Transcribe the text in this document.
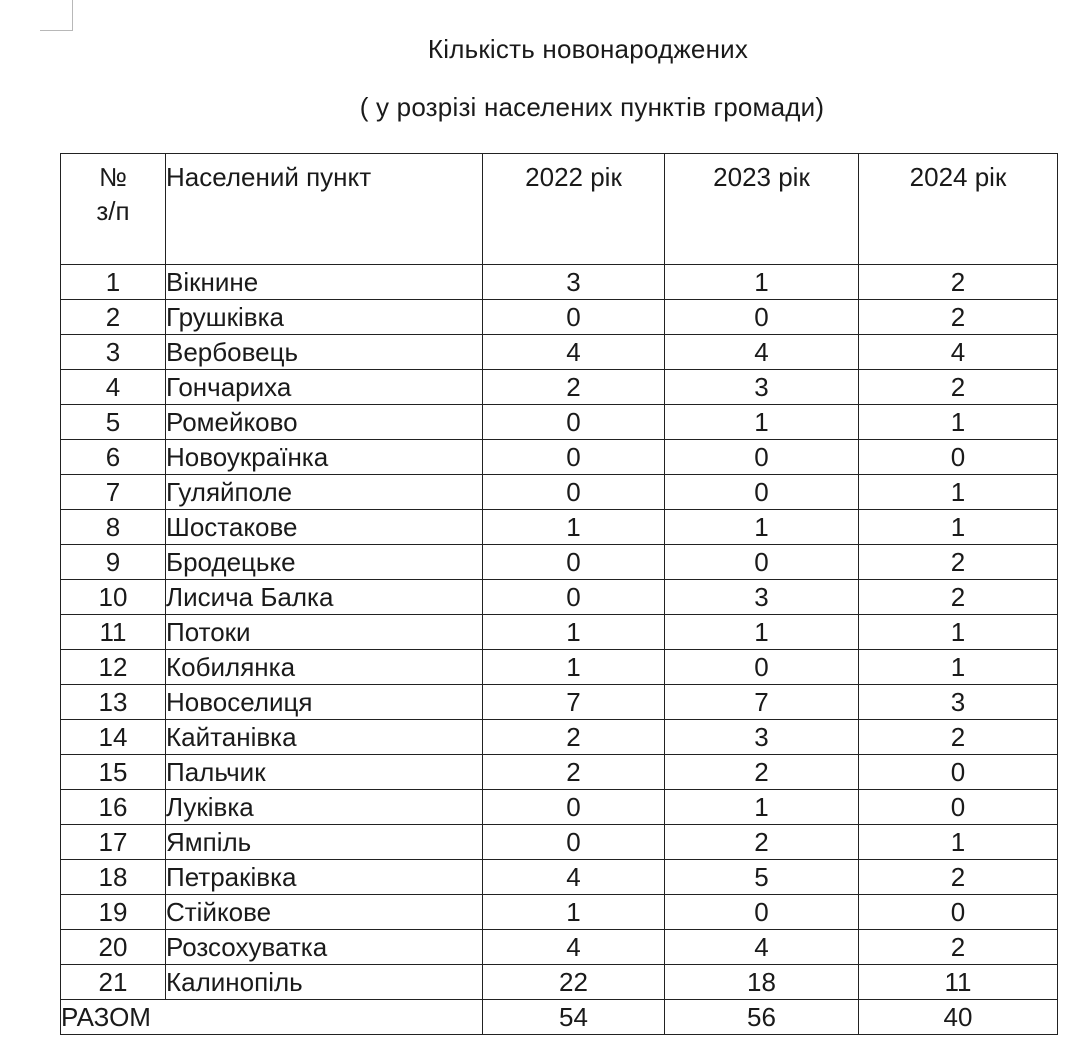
Кількість новонароджених
( у розрізі населених пунктів громади)
№
з/п	Населений пункт	2022 рік	2023 рік	2024 рік
1	Вікнине	3	1	2
2	Грушківка	0	0	2
3	Вербовець	4	4	4
4	Гончариха	2	3	2
5	Ромейково	0	1	1
6	Новоукраїнка	0	0	0
7	Гуляйполе	0	0	1
8	Шостакове	1	1	1
9	Бродецьке	0	0	2
10	Лисича Балка	0	3	2
11	Потоки	1	1	1
12	Кобилянка	1	0	1
13	Новоселиця	7	7	3
14	Кайтанівка	2	3	2
15	Пальчик	2	2	0
16	Луківка	0	1	0
17	Ямпіль	0	2	1
18	Петраківка	4	5	2
19	Стійкове	1	0	0
20	Розсохуватка	4	4	2
21	Калинопіль	22	18	11
РАЗОМ		54	56	40
